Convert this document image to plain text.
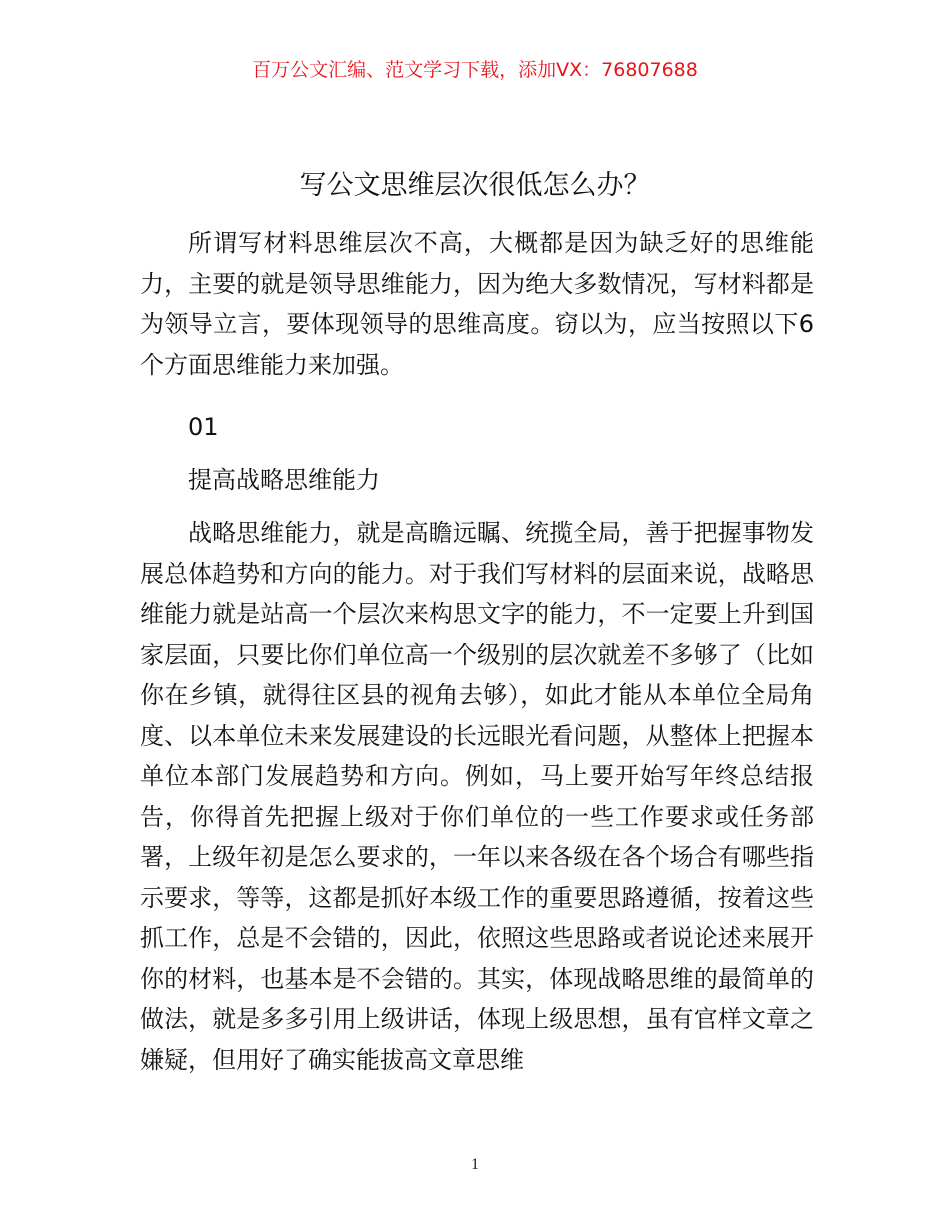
百万公文汇编、范文学习下载，添加VX：76807688
写公文思维层次很低怎么办？

所谓写材料思维层次不高，大概都是因为缺乏好的思维能力，主要的就是领导思维能力，因为绝大多数情况，写材料都是为领导立言，要体现领导的思维高度。窃以为，应当按照以下6个方面思维能力来加强。

01

提高战略思维能力

战略思维能力，就是高瞻远瞩、统揽全局，善于把握事物发展总体趋势和方向的能力。对于我们写材料的层面来说，战略思维能力就是站高一个层次来构思文字的能力，不一定要上升到国家层面，只要比你们单位高一个级别的层次就差不多够了（比如你在乡镇，就得往区县的视角去够），如此才能从本单位全局角度、以本单位未来发展建设的长远眼光看问题，从整体上把握本单位本部门发展趋势和方向。例如，马上要开始写年终总结报告，你得首先把握上级对于你们单位的一些工作要求或任务部署，上级年初是怎么要求的，一年以来各级在各个场合有哪些指示要求，等等，这都是抓好本级工作的重要思路遵循，按着这些抓工作，总是不会错的，因此，依照这些思路或者说论述来展开你的材料，也基本是不会错的。其实，体现战略思维的最简单的做法，就是多多引用上级讲话，体现上级思想，虽有官样文章之嫌疑，但用好了确实能拔高文章思维

1
